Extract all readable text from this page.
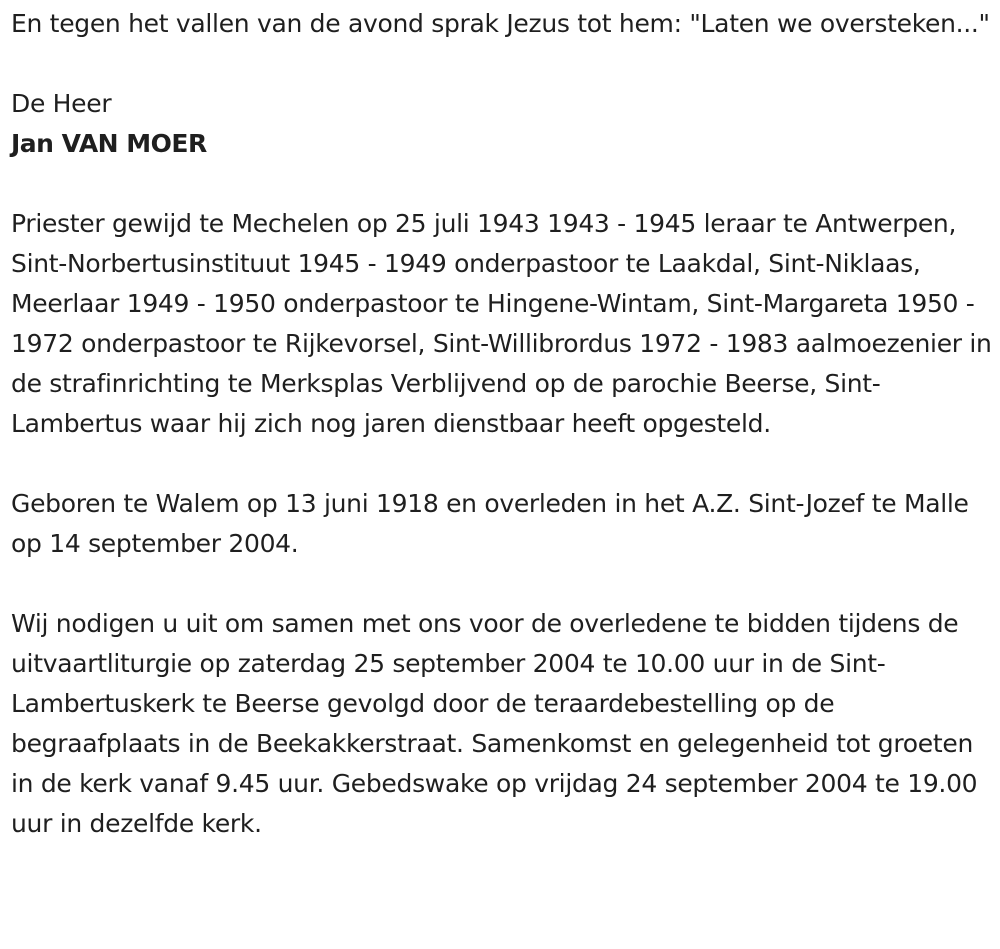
En tegen het vallen van de avond sprak Jezus tot hem: "Laten we oversteken..."

De Heer

Jan VAN MOER

Priester gewijd te Mechelen op 25 juli 1943 1943 - 1945 leraar te Antwerpen, Sint-Norbertusinstituut 1945 - 1949 onderpastoor te Laakdal, Sint-Niklaas, Meerlaar 1949 - 1950 onderpastoor te Hingene-Wintam, Sint-Margareta 1950 - 1972 onderpastoor te Rijkevorsel, Sint-Willibrordus 1972 - 1983 aalmoezenier in de strafinrichting te Merksplas Verblijvend op de parochie Beerse, Sint-Lambertus waar hij zich nog jaren dienstbaar heeft opgesteld.

Geboren te Walem op 13 juni 1918 en overleden in het A.Z. Sint-Jozef te Malle op 14 september 2004.

Wij nodigen u uit om samen met ons voor de overledene te bidden tijdens de uitvaartliturgie op zaterdag 25 september 2004 te 10.00 uur in de Sint-Lambertuskerk te Beerse gevolgd door de teraardebestelling op de begraafplaats in de Beekakkerstraat. Samenkomst en gelegenheid tot groeten in de kerk vanaf 9.45 uur. Gebedswake op vrijdag 24 september 2004 te 19.00 uur in dezelfde kerk.
